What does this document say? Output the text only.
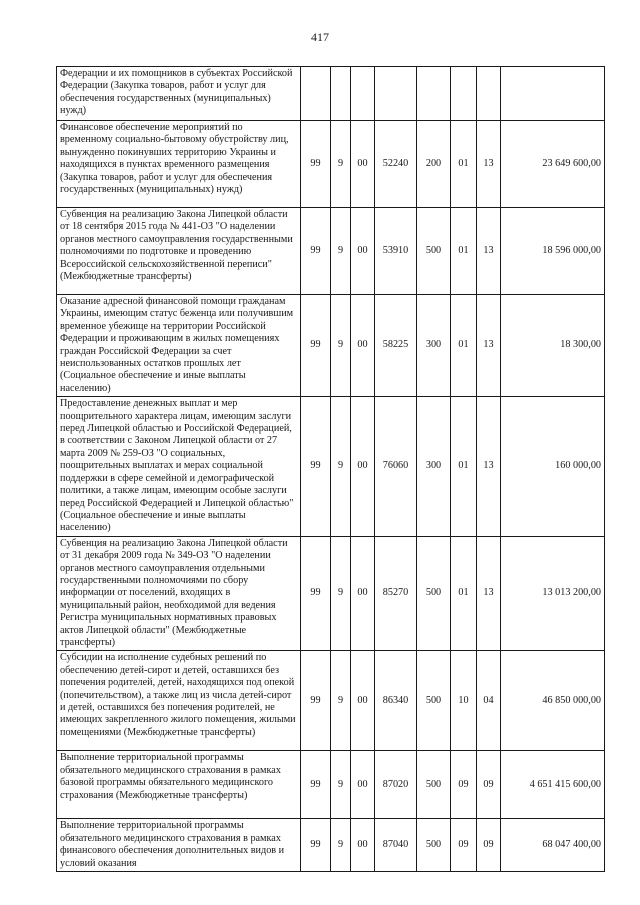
417
Федерации и их помощников в субъектах Российской Федерации (Закупка товаров, работ и услуг для обеспечения государственных (муниципальных) нужд)								
Финансовое обеспечение мероприятий по временному социально-бытовому обустройству лиц, вынужденно покинувших территорию Украины и находящихся в пунктах временного размещения (Закупка товаров, работ и услуг для обеспечения государственных (муниципальных) нужд)	99	9	00	52240	200	01	13	23 649 600,00
Субвенция на реализацию Закона Липецкой области от 18 сентября 2015 года № 441-ОЗ "О наделении органов местного самоуправления государственными полномочиями по подготовке и проведению Всероссийской сельскохозяйственной переписи" (Межбюджетные трансферты)	99	9	00	53910	500	01	13	18 596 000,00
Оказание адресной финансовой помощи гражданам Украины, имеющим статус беженца или получившим временное убежище на территории Российской Федерации и проживающим в жилых помещениях граждан Российской Федерации за счет неиспользованных остатков прошлых лет (Социальное обеспечение и иные выплаты населению)	99	9	00	58225	300	01	13	18 300,00
Предоставление денежных выплат и мер поощрительного характера лицам, имеющим заслуги перед Липецкой областью и Российской Федерацией, в соответствии с Законом Липецкой области от 27 марта 2009 № 259-ОЗ "О социальных, поощрительных выплатах и мерах социальной поддержки в сфере семейной и демографической политики, а также лицам, имеющим особые заслуги перед Российской Федерацией и Липецкой областью" (Социальное обеспечение и иные выплаты населению)	99	9	00	76060	300	01	13	160 000,00
Субвенция на реализацию Закона Липецкой области от 31 декабря 2009 года № 349-ОЗ "О наделении органов местного самоуправления отдельными государственными полномочиями по сбору информации от поселений, входящих в муниципальный район, необходимой для ведения Регистра муниципальных нормативных правовых актов Липецкой области" (Межбюджетные трансферты)	99	9	00	85270	500	01	13	13 013 200,00
Субсидии на исполнение судебных решений по обеспечению детей-сирот и детей, оставшихся без попечения родителей, детей, находящихся под опекой (попечительством), а также лиц из числа детей-сирот и детей, оставшихся без попечения родителей, не имеющих закрепленного жилого помещения, жилыми помещениями (Межбюджетные трансферты)	99	9	00	86340	500	10	04	46 850 000,00
Выполнение территориальной программы обязательного медицинского страхования в рамках базовой программы обязательного медицинского страхования (Межбюджетные трансферты)	99	9	00	87020	500	09	09	4 651 415 600,00
Выполнение территориальной программы обязательного медицинского страхования в рамках финансового обеспечения дополнительных видов и условий оказания	99	9	00	87040	500	09	09	68 047 400,00
